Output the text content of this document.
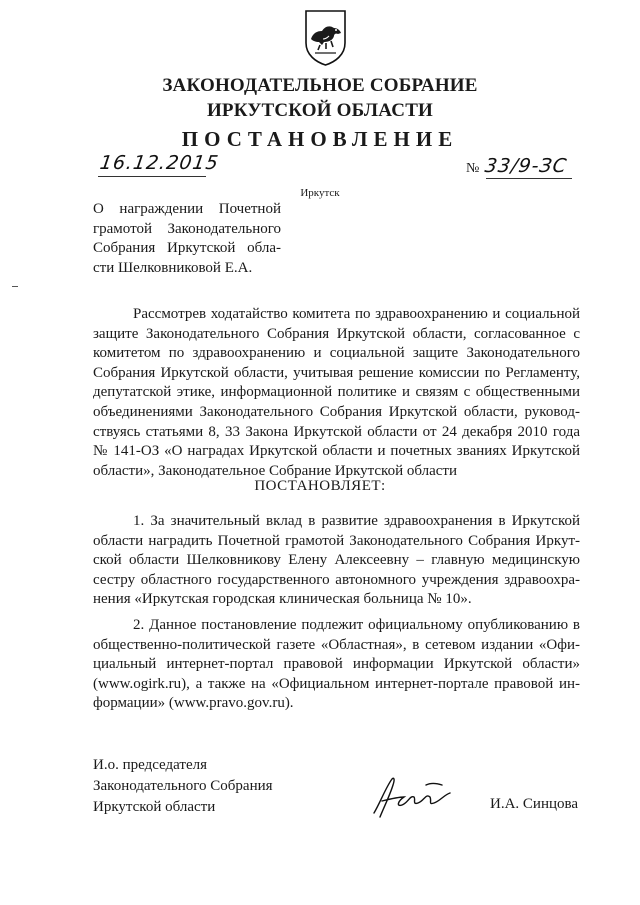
ЗАКОНОДАТЕЛЬНОЕ СОБРАНИЕ
ИРКУТСКОЙ ОБЛАСТИ
ПОСТАНОВЛЕНИЕ
16.12.2015	№ 33/9-ЗС
Иркутск
О награждении Почетной
грамотой Законодательного
Собрания Иркутской обла-
сти Шелковниковой Е.А.
Рассмотрев ходатайство комитета по здравоохранению и социальной
защите Законодательного Собрания Иркутской области, согласованное с
комитетом по здравоохранению и социальной защите Законодательного
Собрания Иркутской области, учитывая решение комиссии по Регламенту,
депутатской этике, информационной политике и связям с общественными
объединениями Законодательного Собрания Иркутской области, руковод-
ствуясь статьями 8, 33 Закона Иркутской области от 24 декабря 2010 года
№ 141-ОЗ «О наградах Иркутской области и почетных званиях Иркутской
области», Законодательное Собрание Иркутской области
ПОСТАНОВЛЯЕТ:
1. За значительный вклад в развитие здравоохранения в Иркутской
области наградить Почетной грамотой Законодательного Собрания Иркут-
ской области Шелковникову Елену Алексеевну – главную медицинскую
сестру областного государственного автономного учреждения здравоохра-
нения «Иркутская городская клиническая больница № 10».
2. Данное постановление подлежит официальному опубликованию в
общественно-политической газете «Областная», в сетевом издании «Офи-
циальный интернет-портал правовой информации Иркутской области»
(www.ogirk.ru), а также на «Официальном интернет-портале правовой ин-
формации» (www.pravo.gov.ru).
И.о. председателя
Законодательного Собрания
Иркутской области	И.А. Синцова
